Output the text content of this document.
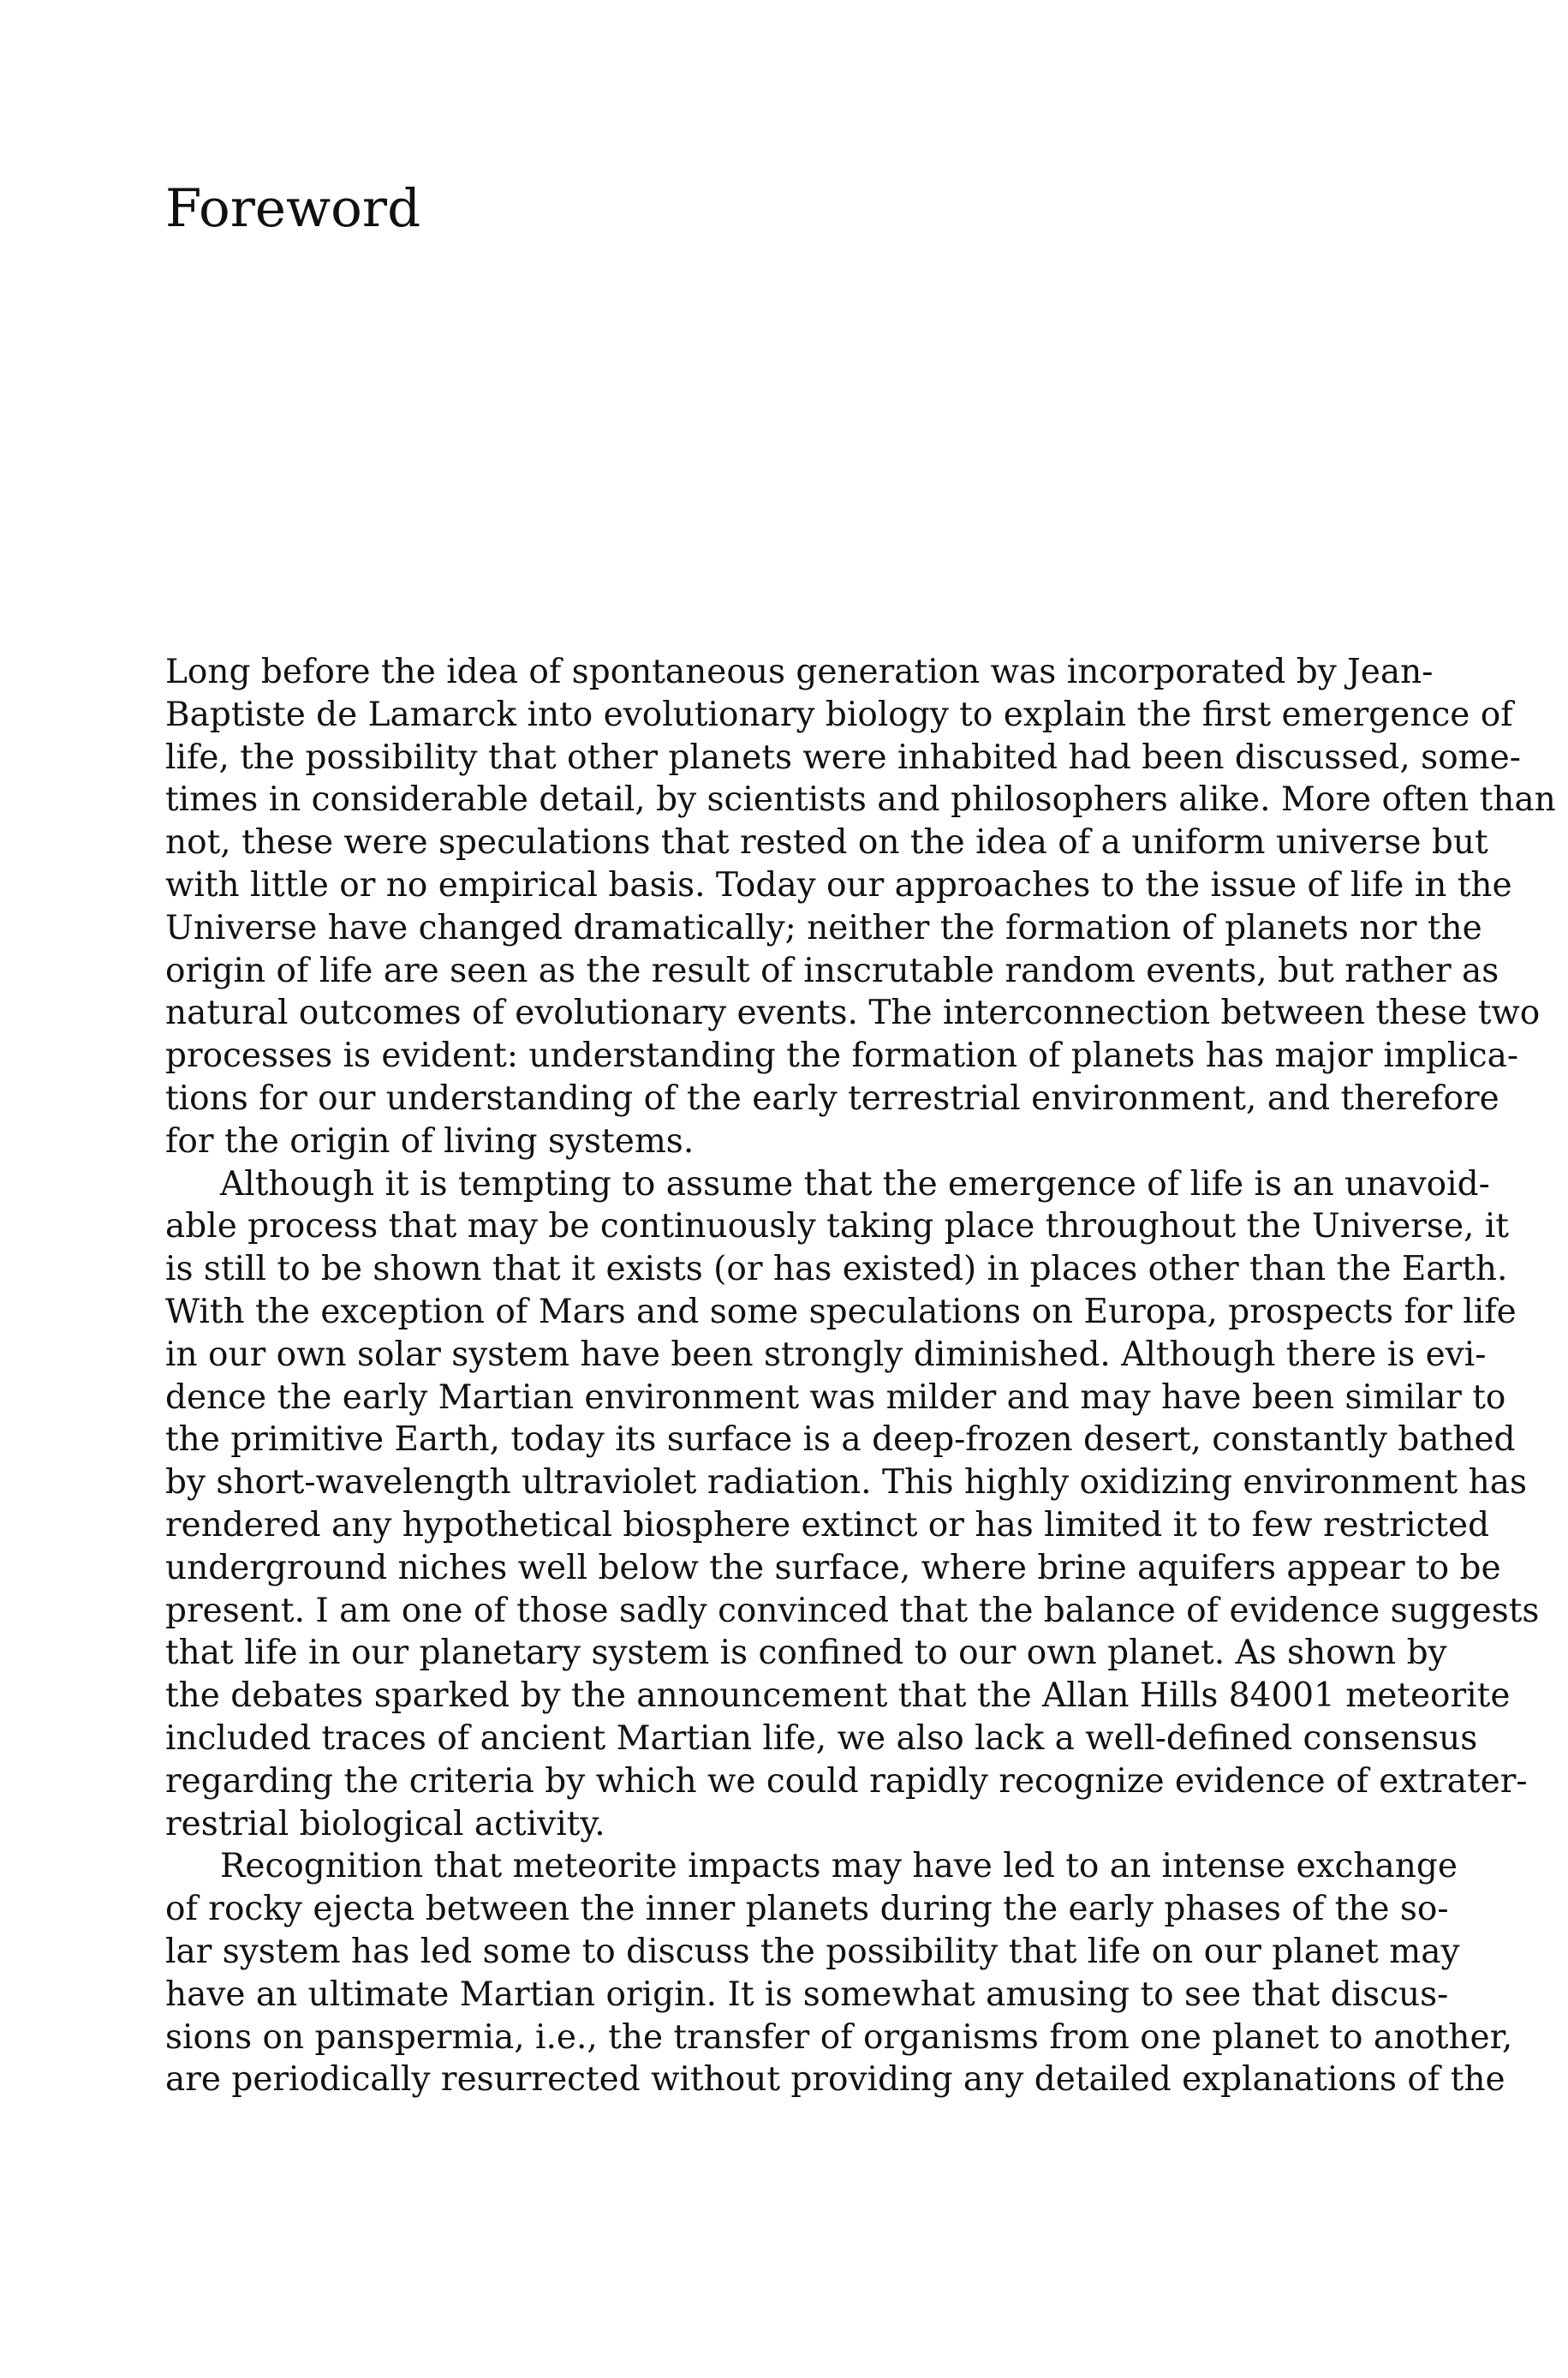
Foreword
Long before the idea of spontaneous generation was incorporated by Jean-
Baptiste de Lamarck into evolutionary biology to explain the first emergence of
life, the possibility that other planets were inhabited had been discussed, some-
times in considerable detail, by scientists and philosophers alike. More often than
not, these were speculations that rested on the idea of a uniform universe but
with little or no empirical basis. Today our approaches to the issue of life in the
Universe have changed dramatically; neither the formation of planets nor the
origin of life are seen as the result of inscrutable random events, but rather as
natural outcomes of evolutionary events. The interconnection between these two
processes is evident: understanding the formation of planets has major implica-
tions for our understanding of the early terrestrial environment, and therefore
for the origin of living systems.
Although it is tempting to assume that the emergence of life is an unavoid-
able process that may be continuously taking place throughout the Universe, it
is still to be shown that it exists (or has existed) in places other than the Earth.
With the exception of Mars and some speculations on Europa, prospects for life
in our own solar system have been strongly diminished. Although there is evi-
dence the early Martian environment was milder and may have been similar to
the primitive Earth, today its surface is a deep-frozen desert, constantly bathed
by short-wavelength ultraviolet radiation. This highly oxidizing environment has
rendered any hypothetical biosphere extinct or has limited it to few restricted
underground niches well below the surface, where brine aquifers appear to be
present. I am one of those sadly convinced that the balance of evidence suggests
that life in our planetary system is confined to our own planet. As shown by
the debates sparked by the announcement that the Allan Hills 84001 meteorite
included traces of ancient Martian life, we also lack a well-defined consensus
regarding the criteria by which we could rapidly recognize evidence of extrater-
restrial biological activity.
Recognition that meteorite impacts may have led to an intense exchange
of rocky ejecta between the inner planets during the early phases of the so-
lar system has led some to discuss the possibility that life on our planet may
have an ultimate Martian origin. It is somewhat amusing to see that discus-
sions on panspermia, i.e., the transfer of organisms from one planet to another,
are periodically resurrected without providing any detailed explanations of the
